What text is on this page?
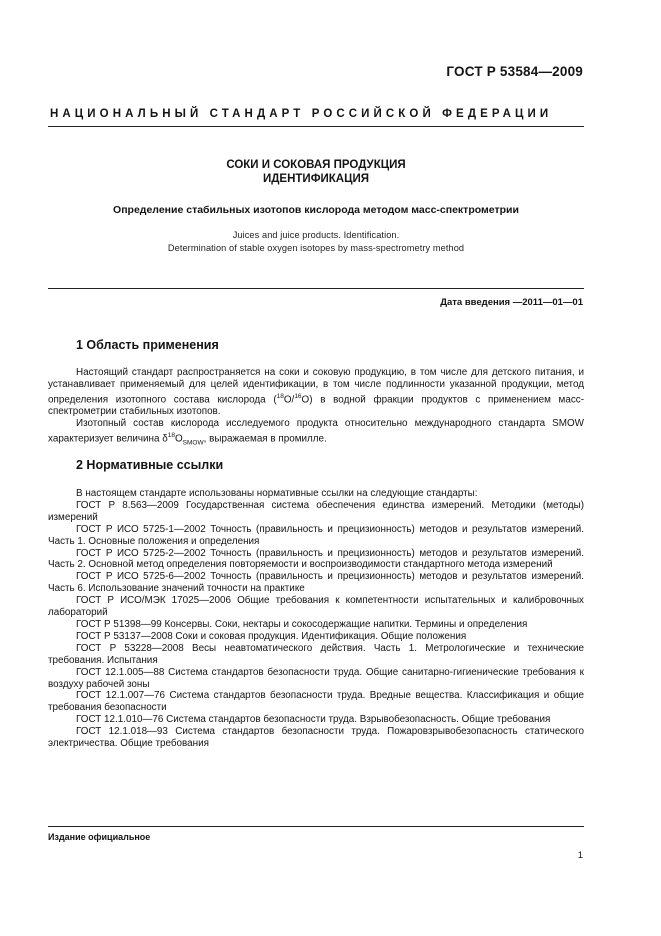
ГОСТ Р 53584—2009
НАЦИОНАЛЬНЫЙ СТАНДАРТ РОССИЙСКОЙ ФЕДЕРАЦИИ
СОКИ И СОКОВАЯ ПРОДУКЦИЯ
ИДЕНТИФИКАЦИЯ
Определение стабильных изотопов кислорода методом масс-спектрометрии
Juices and juice products. Identification.
Determination of stable oxygen isotopes by mass-spectrometry method
Дата введения —2011—01—01
1 Область применения

Настоящий стандарт распространяется на соки и соковую продукцию, в том числе для детского питания, и устанавливает применяемый для целей идентификации, в том числе подлинности указанной продукции, метод определения изотопного состава кислорода ($^{18}$O/$^{16}$O) в водной фракции продуктов с применением масс-спектрометрии стабильных изотопов.

Изотопный состав кислорода исследуемого продукта относительно международного стандарта SMOW характеризует величина $\delta^{18}O_{SMOW}$, выражаемая в промилле.

2 Нормативные ссылки

В настоящем стандарте использованы нормативные ссылки на следующие стандарты:

ГОСТ Р 8.563—2009 Государственная система обеспечения единства измерений. Методики (методы) измерений

ГОСТ Р ИСО 5725-1—2002 Точность (правильность и прецизионность) методов и результатов измерений. Часть 1. Основные положения и определения

ГОСТ Р ИСО 5725-2—2002 Точность (правильность и прецизионность) методов и результатов измерений. Часть 2. Основной метод определения повторяемости и воспроизводимости стандартного метода измерений

ГОСТ Р ИСО 5725-6—2002 Точность (правильность и прецизионность) методов и результатов измерений. Часть 6. Использование значений точности на практике

ГОСТ Р ИСО/МЭК 17025—2006 Общие требования к компетентности испытательных и калибровочных лабораторий

ГОСТ Р 51398—99 Консервы. Соки, нектары и сокосодержащие напитки. Термины и определения

ГОСТ Р 53137—2008 Соки и соковая продукция. Идентификация. Общие положения

ГОСТ Р 53228—2008 Весы неавтоматического действия. Часть 1. Метрологические и технические требования. Испытания

ГОСТ 12.1.005—88 Система стандартов безопасности труда. Общие санитарно-гигиенические требования к воздуху рабочей зоны

ГОСТ 12.1.007—76 Система стандартов безопасности труда. Вредные вещества. Классификация и общие требования безопасности

ГОСТ 12.1.010—76 Система стандартов безопасности труда. Взрывобезопасность. Общие требования

ГОСТ 12.1.018—93 Система стандартов безопасности труда. Пожаровзрывобезопасность статического электричества. Общие требования

Издание официальное
1
